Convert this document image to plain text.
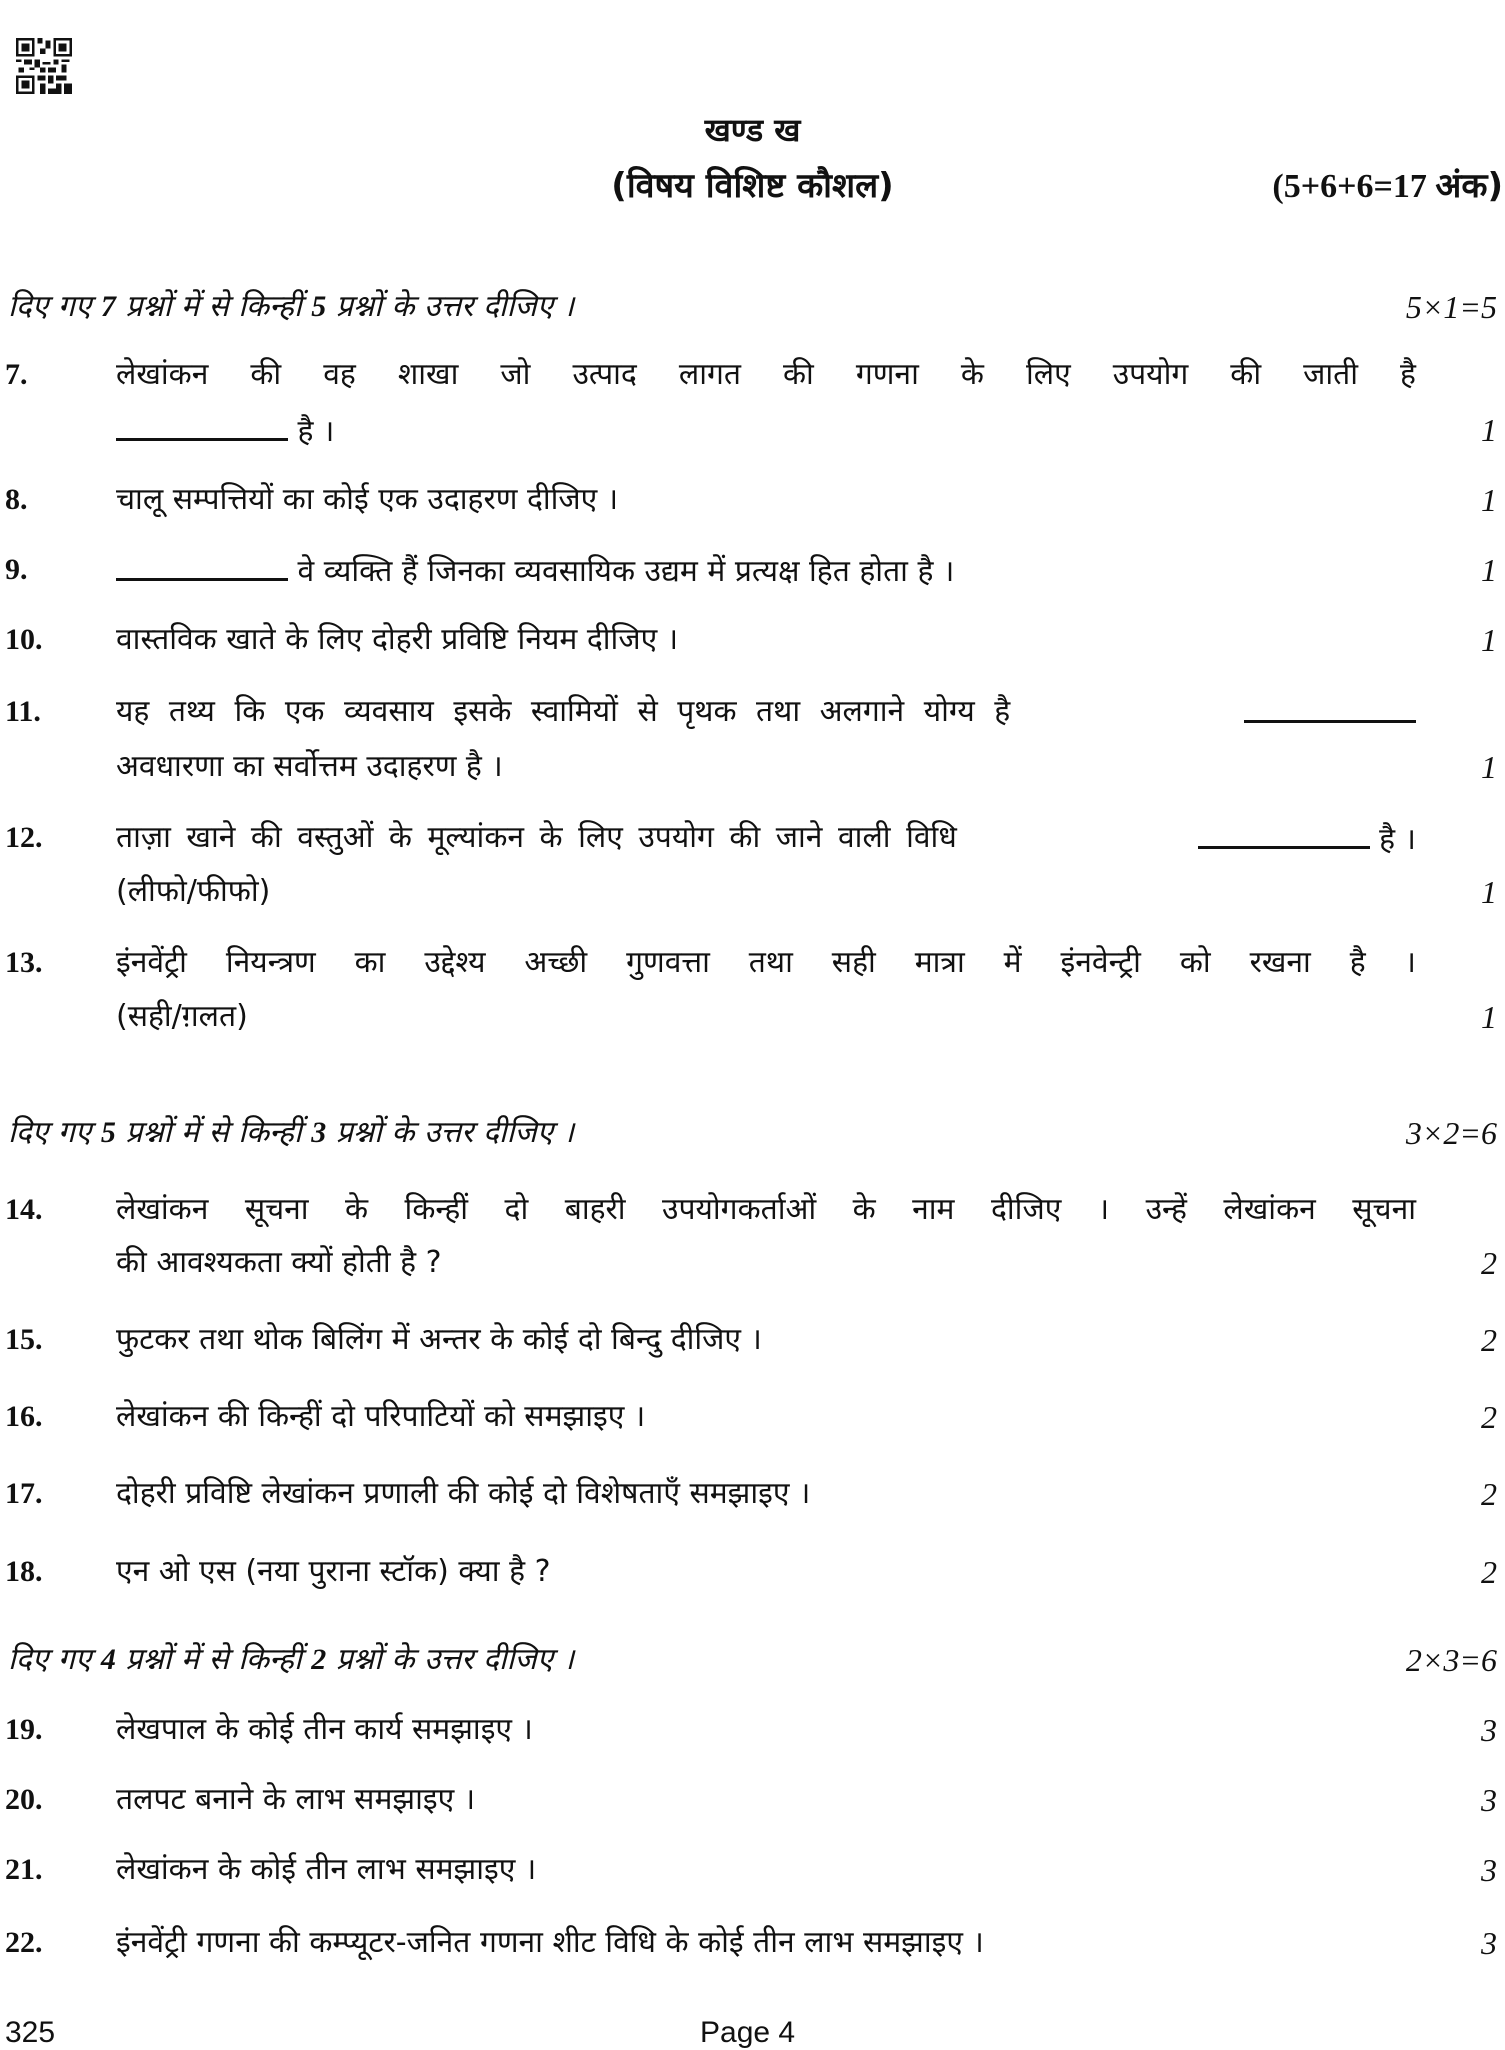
खण्ड ख
(विषय विशिष्ट कौशल)	(5+6+6=17 अंक)
दिए गए 7 प्रश्नों में से किन्हीं 5 प्रश्नों के उत्तर दीजिए ।	5×1=5
7.	लेखांकन की वह शाखा जो उत्पाद लागत की गणना के लिए उपयोग की जाती है
है ।	1
8.	चालू सम्पत्तियों का कोई एक उदाहरण दीजिए ।	1
9.	वे व्यक्ति हैं जिनका व्यवसायिक उद्यम में प्रत्यक्ष हित होता है ।	1
10. वास्तविक खाते के लिए दोहरी प्रविष्टि नियम दीजिए ।	1
11.	यह तथ्य कि एक व्यवसाय इसके स्वामियों से पृथक तथा अलगाने योग्य है
अवधारणा का सर्वोत्तम उदाहरण है ।	1
12. ताज़ा खाने की वस्तुओं के मूल्यांकन के लिए उपयोग की जाने वाली विधि	है ।
(लीफो/फीफो)	1
13. इंनवेंट्री नियन्त्रण का उद्देश्य अच्छी गुणवत्ता तथा सही मात्रा में इंनवेन्ट्री को रखना है ।
(सही/ग़लत)	1
दिए गए 5 प्रश्नों में से किन्हीं 3 प्रश्नों के उत्तर दीजिए ।	3×2=6
14. लेखांकन सूचना के किन्हीं दो बाहरी उपयोगकर्ताओं के नाम दीजिए । उन्हें लेखांकन सूचना
की आवश्यकता क्यों होती है ?	2
15. फुटकर तथा थोक बिलिंग में अन्तर के कोई दो बिन्दु दीजिए ।	2
16. लेखांकन की किन्हीं दो परिपाटियों को समझाइए ।	2
17. दोहरी प्रविष्टि लेखांकन प्रणाली की कोई दो विशेषताएँ समझाइए ।	2
18. एन ओ एस (नया पुराना स्टॉक) क्या है ?	2
दिए गए 4 प्रश्नों में से किन्हीं 2 प्रश्नों के उत्तर दीजिए ।	2×3=6
19. लेखपाल के कोई तीन कार्य समझाइए ।	3
20. तलपट बनाने के लाभ समझाइए ।	3
21. लेखांकन के कोई तीन लाभ समझाइए ।	3
22. इंनवेंट्री गणना की कम्प्यूटर-जनित गणना शीट विधि के कोई तीन लाभ समझाइए ।	3
325	Page 4
